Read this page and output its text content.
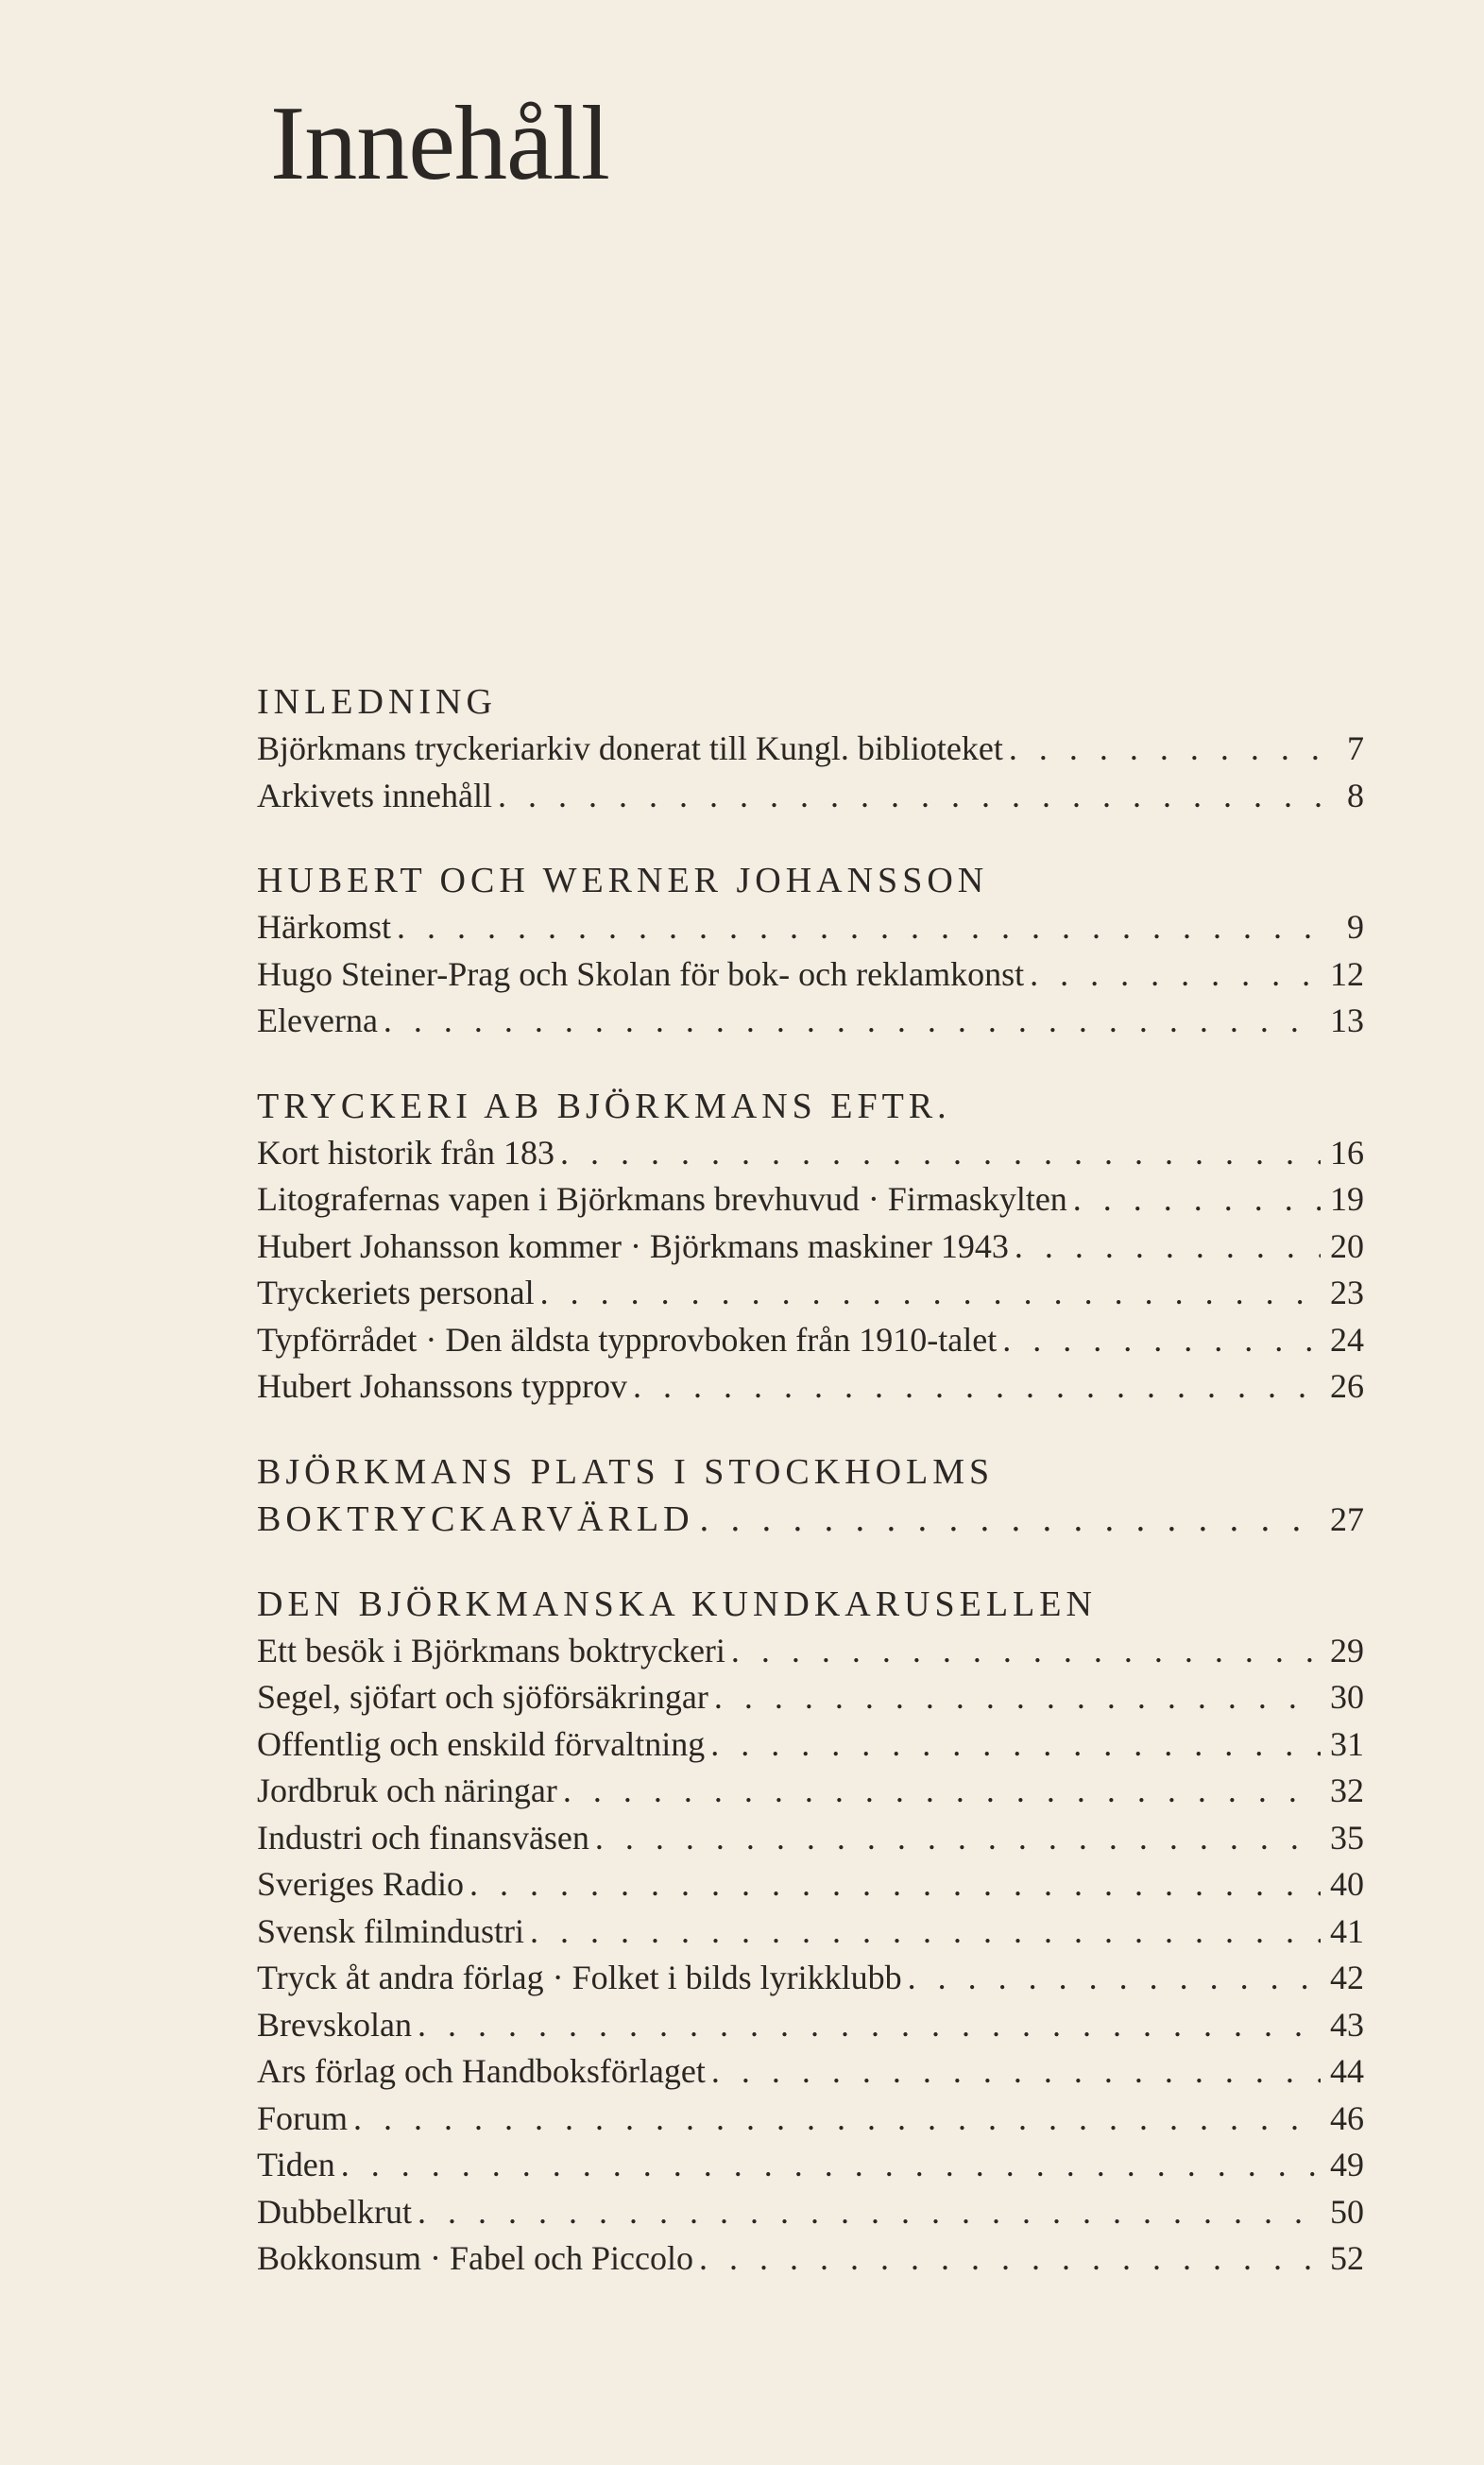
Innehåll
INLEDNING
Björkmans tryckeriarkiv donerat till Kungl. biblioteket . . .	7
Arkivets innehåll . . .	8
HUBERT OCH WERNER JOHANSSON
Härkomst . . .	9
Hugo Steiner-Prag och Skolan för bok- och reklamkonst . . .	12
Eleverna . . .	13
TRYCKERI AB BJÖRKMANS EFTR.
Kort historik från 183 . . .	16
Litografernas vapen i Björkmans brevhuvud · Firmaskylten . . .	19
Hubert Johansson kommer · Björkmans maskiner 1943 . . .	20
Tryckeriets personal . . .	23
Typförrådet · Den äldsta typprovboken från 1910-talet . . .	24
Hubert Johanssons typprov . . .	26
BJÖRKMANS PLATS I STOCKHOLMS
BOKTRYCKARVÄRLD . . .	27
DEN BJÖRKMANSKA KUNDKARUSELLEN
Ett besök i Björkmans boktryckeri . . .	29
Segel, sjöfart och sjöförsäkringar . . .	30
Offentlig och enskild förvaltning . . .	31
Jordbruk och näringar . . .	32
Industri och finansväsen . . .	35
Sveriges Radio . . .	40
Svensk filmindustri . . .	41
Tryck åt andra förlag · Folket i bilds lyrikklubb . . .	42
Brevskolan . . .	43
Ars förlag och Handboksförlaget . . .	44
Forum . . .	46
Tiden . . .	49
Dubbelkrut . . .	50
Bokkonsum · Fabel och Piccolo . . .	52
